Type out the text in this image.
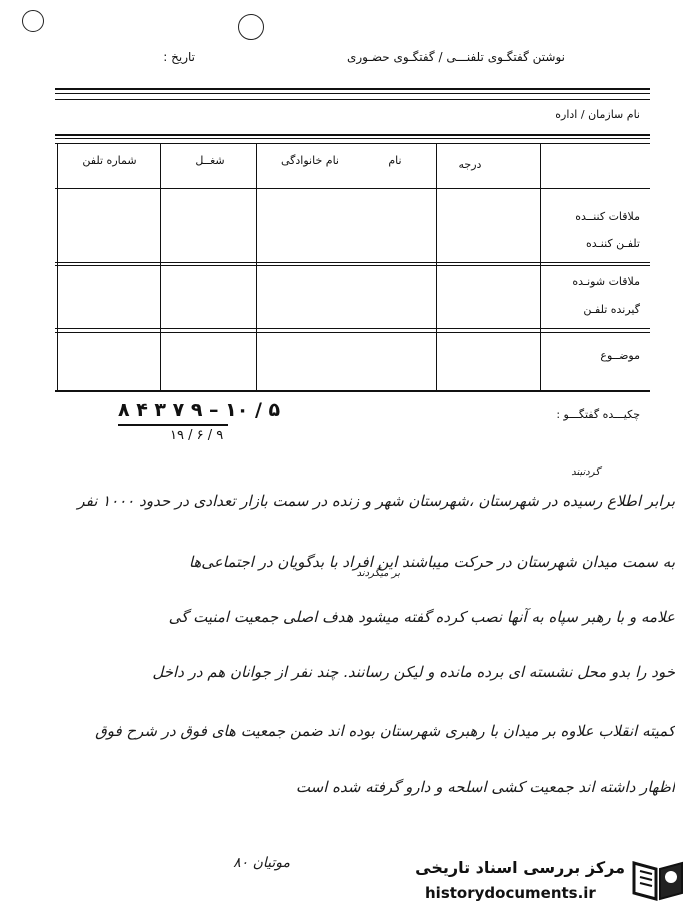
نوشتن گفتگـوی تلفنـــی / گفتگـوی حضـوری
تاریخ :
نام سازمان / اداره
درجه
نام
نام خانوادگی
شغــل
شماره تلفن
ملاقات کننــده
تلفـن کننـده
ملاقات شونـده
گیرنده تلفـن
موضــوع
۸ ۴ ۳ ۷ ۹ – ۱۰ / ۵
۱۹ / ۶ / ۹
چکیـــده گفتگـــو :
گردنبند
برابر اطلاع رسیده در شهرستان ،شهرستان شهر و زنده در سمت بازار تعدادی در حدود ۱۰۰۰ نفر
به سمت میدان شهرستان در حرکت میباشند این افراد با بدگویان در اجتماعی‌ها
بر میگردند
علامه و با رهبر سپاه به آنها نصب کرده گفته میشود هدف اصلی جمعیت امنیت گی
خود را بدو محل نشسته ای برده مانده و لیکن رسانند. چند نفر از جوانان هم در داخل
کمیته انقلاب علاوه بر میدان با رهبری شهرستان بوده اند ضمن جمعیت های فوق در شرح فوق
اظهار داشته اند جمعیت کشی اسلحه و دارو گرفته شده است
موتیان ۸۰	مرکز بررسی اسناد تاریخی
historydocuments.ir
